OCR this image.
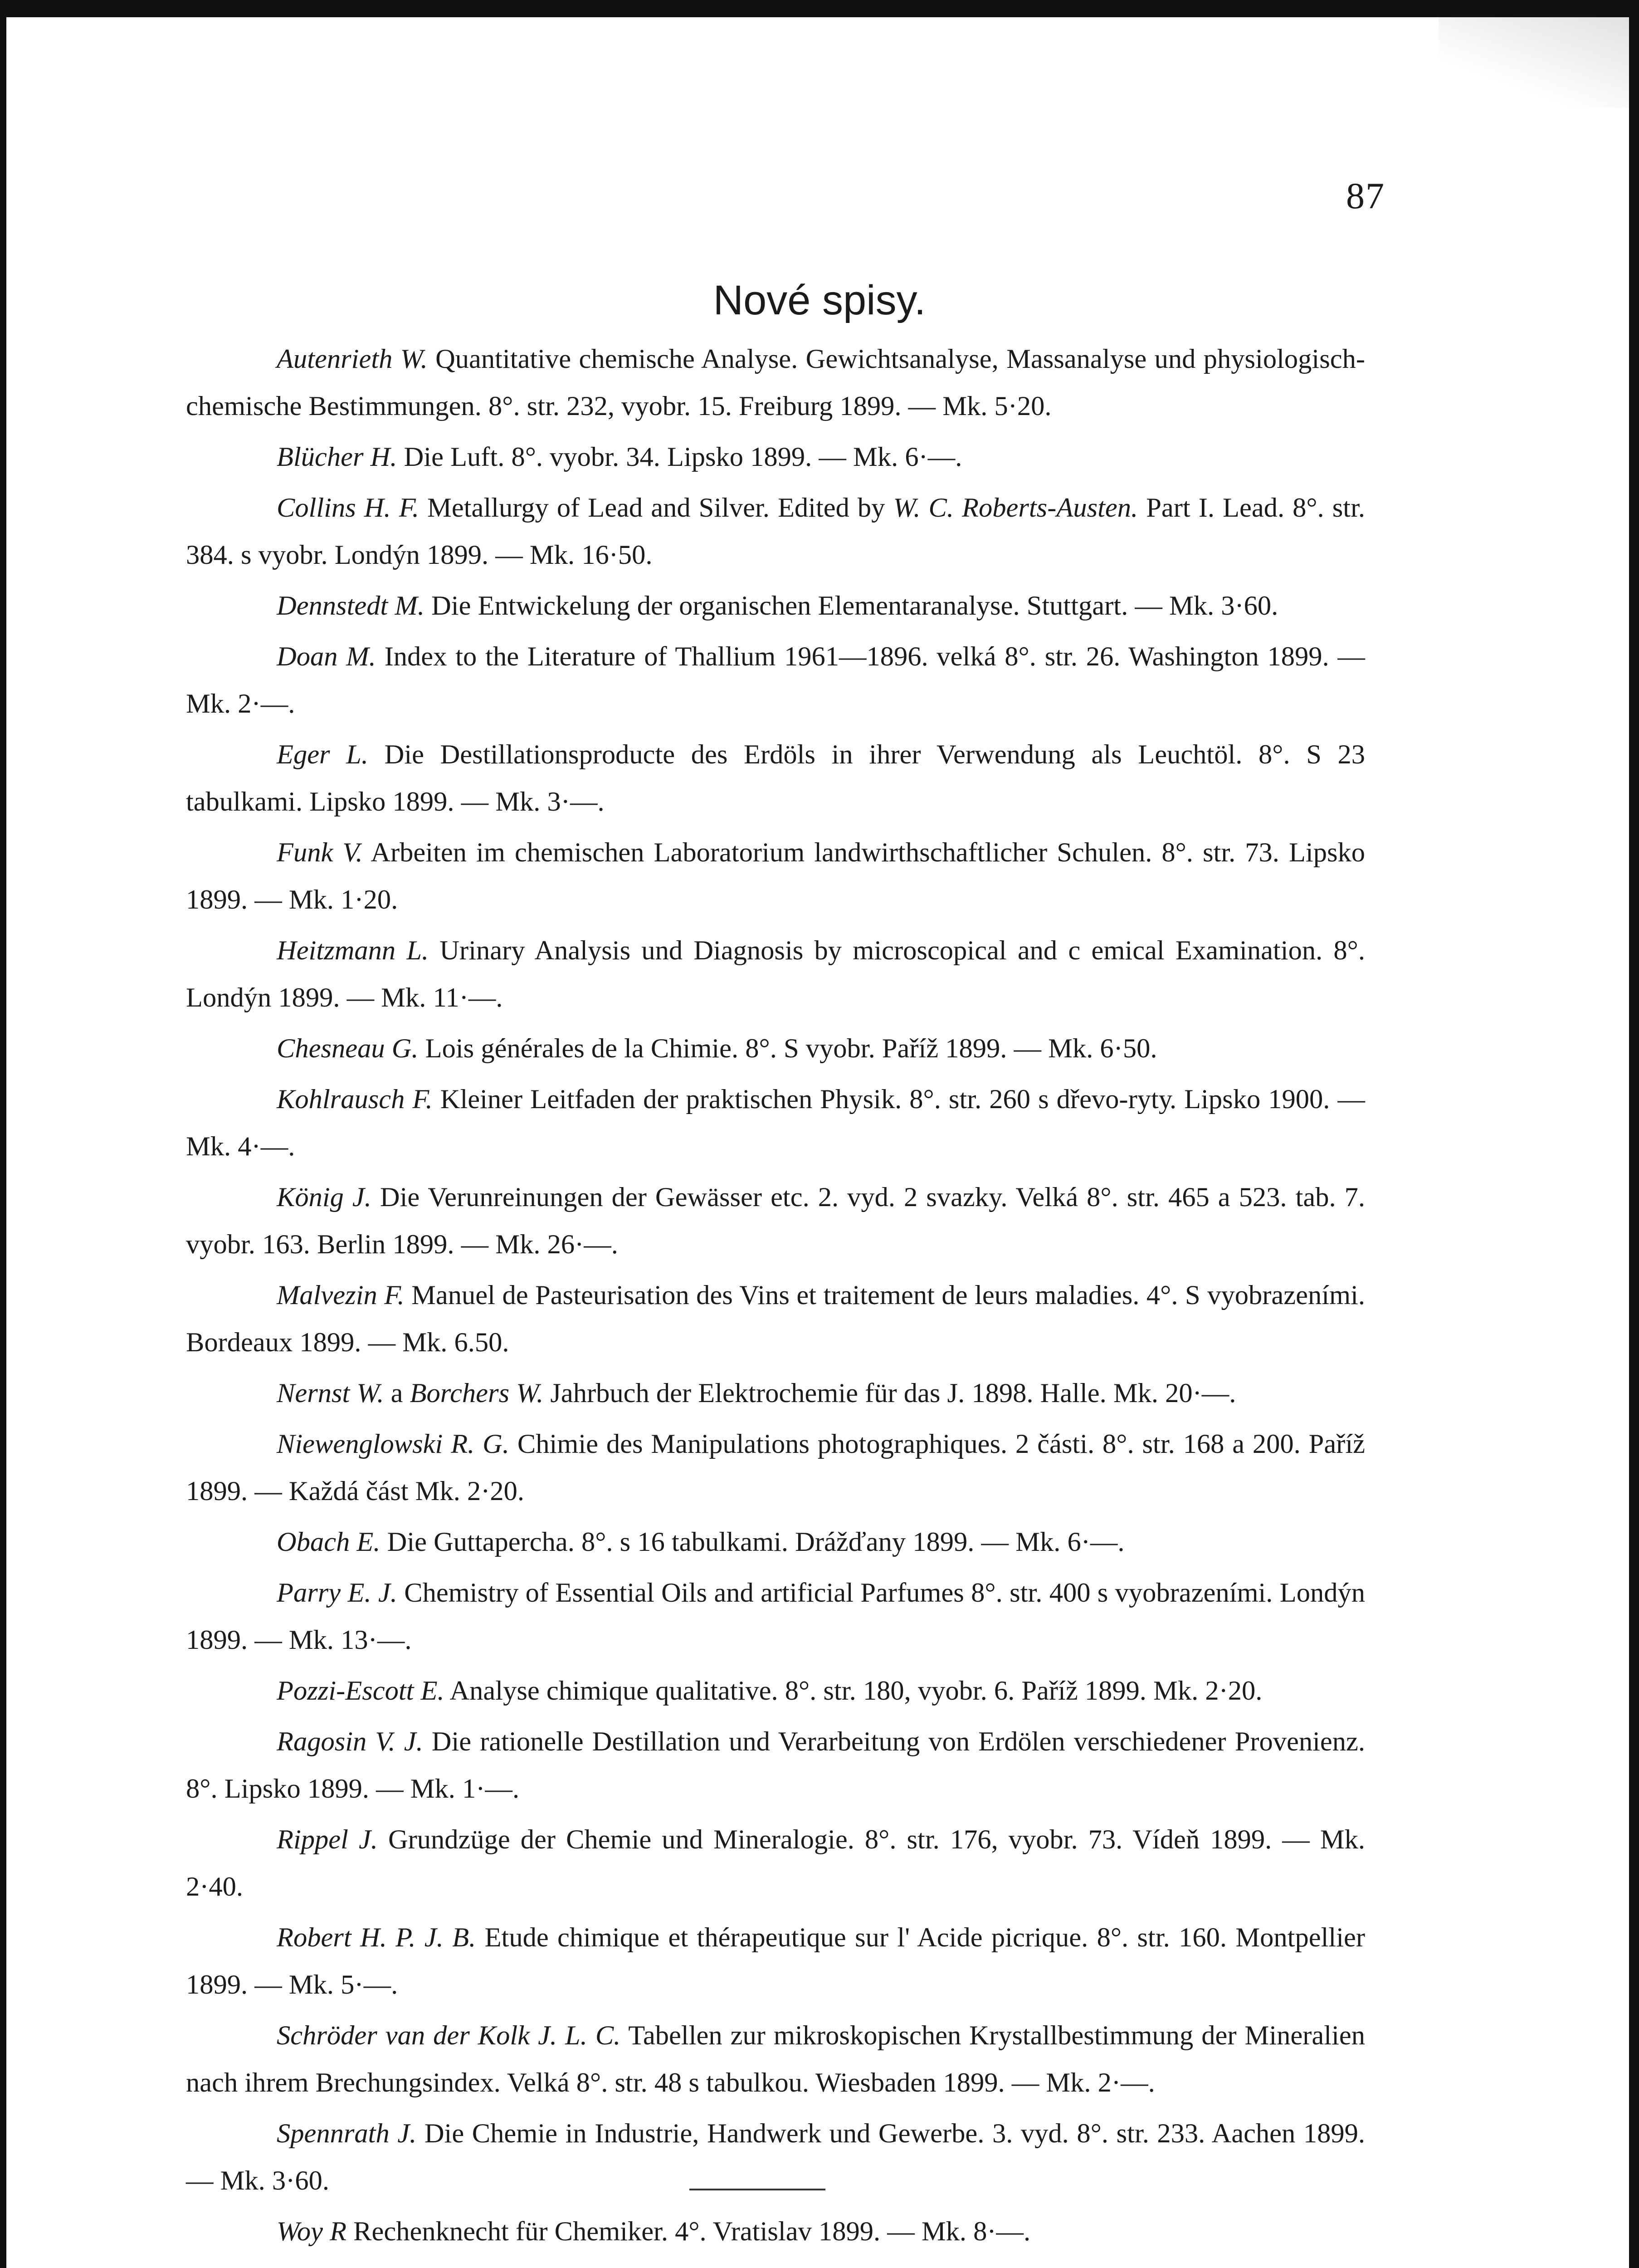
87
Nové spisy.

Autenrieth W. Quantitative chemische Analyse. Gewichtsanalyse, Massanalyse und physiologisch-chemische Bestimmungen. 8°. str. 232, vyobr. 15. Freiburg 1899. — Mk. 5·20.

Blücher H. Die Luft. 8°. vyobr. 34. Lipsko 1899. — Mk. 6·—.

Collins H. F. Metallurgy of Lead and Silver. Edited by W. C. Roberts-Austen. Part I. Lead. 8°. str. 384. s vyobr. Londýn 1899. — Mk. 16·50.

Dennstedt M. Die Entwickelung der organischen Elementaranalyse. Stuttgart. — Mk. 3·60.

Doan M. Index to the Literature of Thallium 1961—1896. velká 8°. str. 26. Washington 1899. — Mk. 2·—.

Eger L. Die Destillationsproducte des Erdöls in ihrer Verwendung als Leuchtöl. 8°. S 23 tabulkami. Lipsko 1899. — Mk. 3·—.

Funk V. Arbeiten im chemischen Laboratorium landwirthschaftlicher Schulen. 8°. str. 73. Lipsko 1899. — Mk. 1·20.

Heitzmann L. Urinary Analysis und Diagnosis by microscopical and c emical Examination. 8°. Londýn 1899. — Mk. 11·—.

Chesneau G. Lois générales de la Chimie. 8°. S vyobr. Paříž 1899. — Mk. 6·50.

Kohlrausch F. Kleiner Leitfaden der praktischen Physik. 8°. str. 260 s dřevo-rytу. Lipsko 1900. — Mk. 4·—.

König J. Die Verunreinungen der Gewässer etc. 2. vyd. 2 svazky. Velká 8°. str. 465 a 523. tab. 7. vyobr. 163. Berlin 1899. — Mk. 26·—.

Malvezin F. Manuel de Pasteurisation des Vins et traitement de leurs maladies. 4°. S vyobrazeními. Bordeaux 1899. — Mk. 6.50.

Nernst W. a Borchers W. Jahrbuch der Elektrochemie für das J. 1898. Halle. Mk. 20·—.

Niewenglowski R. G. Chimie des Manipulations photographiques. 2 části. 8°. str. 168 a 200. Paříž 1899. — Každá část Mk. 2·20.

Obach E. Die Guttapercha. 8°. s 16 tabulkami. Drážďany 1899. — Mk. 6·—.

Parry E. J. Chemistry of Essential Oils and artificial Parfumes 8°. str. 400 s vyobrazeními. Londýn 1899. — Mk. 13·—.

Pozzi-Escott E. Analyse chimique qualitative. 8°. str. 180, vyobr. 6. Paříž 1899. Mk. 2·20.

Ragosin V. J. Die rationelle Destillation und Verarbeitung von Erdölen verschiedener Provenienz. 8°. Lipsko 1899. — Mk. 1·—.

Rippel J. Grundzüge der Chemie und Mineralogie. 8°. str. 176, vyobr. 73. Vídeň 1899. — Mk. 2·40.

Robert H. P. J. B. Etude chimique et thérapeutique sur l' Acide picrique. 8°. str. 160. Montpellier 1899. — Mk. 5·—.

Schröder van der Kolk J. L. C. Tabellen zur mikroskopischen Krystallbestimmung der Mineralien nach ihrem Brechungsindex. Velká 8°. str. 48 s tabulkou. Wiesbaden 1899. — Mk. 2·—.

Spennrath J. Die Chemie in Industrie, Handwerk und Gewerbe. 3. vyd. 8°. str. 233. Aachen 1899. — Mk. 3·60.

Woy R Rechenknecht für Chemiker. 4°. Vratislav 1899. — Mk. 8·—.
